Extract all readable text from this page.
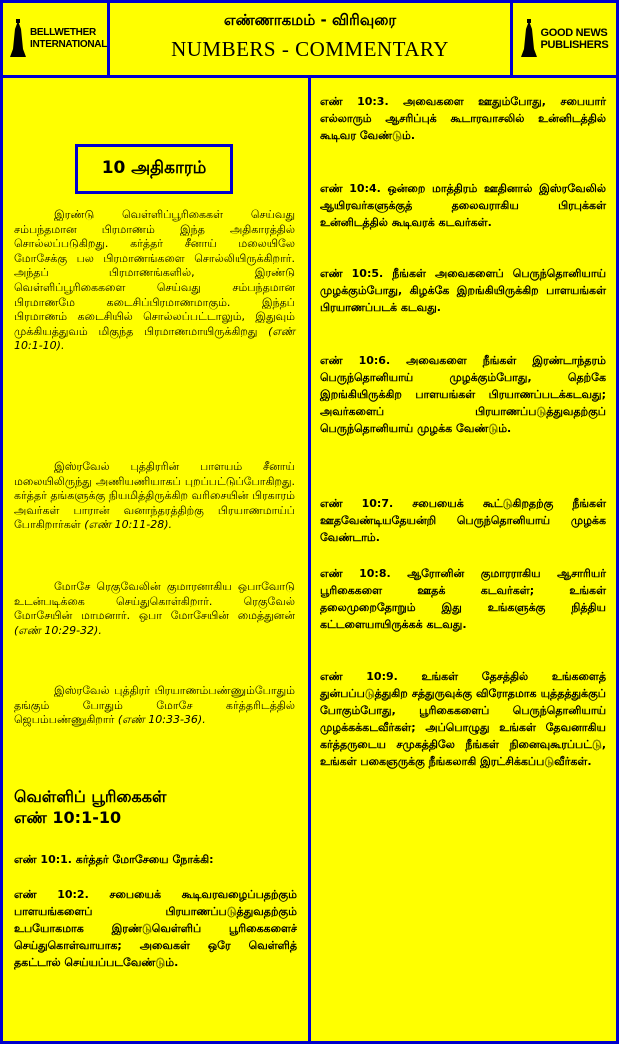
BELLWETHER INTERNATIONAL
எண்ணாகமம் - விரிவுரை
NUMBERS - COMMENTARY
GOOD NEWS PUBLISHERS
10 அதிகாரம்

இரண்டு வெள்ளிப்பூரிகைகள் செய்வது சம்பந்தமான பிரமாணம் இந்த அதிகாரத்தில் சொல்லப்படுகிறது. கர்த்தர் சீனாய் மலையிலே மோசேக்கு பல பிரமாணங்களை சொல்லியிருக்கிறார். அந்தப் பிரமாணங்களில், இரண்டு வெள்ளிப்பூரிகைகளை செய்வது சம்பந்தமான பிரமாணமே கடைசிப்பிரமாணமாகும். இந்தப் பிரமாணம் கடைசியில் சொல்லப்பட்டாலும், இதுவும் முக்கியத்துவம் மிகுந்த பிரமாணமாயிருக்கிறது (எண் 10:1-10).

இஸ்ரவேல் புத்திரரின் பாளயம் சீனாய் மலையிலிருந்து அணியணியாகப் புறப்பட்டுப்போகிறது. கர்த்தர் தங்களுக்கு நியமித்திருக்கிற வரிசையின் பிரகாரம் அவர்கள் பாரான் வனாந்தரத்திற்கு பிரயாணமாய்ப் போகிறார்கள் (எண் 10:11-28).

மோசே ரெகுவேலின் குமாரனாகிய ஒபாவோடு உடன்படிக்கை செய்துகொள்கிறார். ரெகுவேல் மோசேயின் மாமனார். ஒபா மோசேயின் மைத்துனன் (எண் 10:29-32).

இஸ்ரவேல் புத்திரர் பிரயாணம்பண்ணும்போதும் தங்கும் போதும் மோசே கர்த்தரிடத்தில் ஜெபம்பண்ணுகிறார் (எண் 10:33-36).

வெள்ளிப் பூரிகைகள்
எண் 10:1-10

எண் 10:1. கர்த்தர் மோசேயை நோக்கி:

எண் 10:2. சபையைக் கூடிவரவழைப்பதற்கும் பாளயங்களைப் பிரயாணப்படுத்துவதற்கும் உபயோகமாக இரண்டுவெள்ளிப் பூரிகைகளைச் செய்துகொள்வாயாக; அவைகள் ஒரே வெள்ளித் தகட்டால் செய்யப்படவேண்டும்.

எண் 10:3. அவைகளை ஊதும்போது, சபையார் எல்லாரும் ஆசரிப்புக் கூடாரவாசலில் உன்னிடத்தில் கூடிவர வேண்டும்.

எண் 10:4. ஒன்றை மாத்திரம் ஊதினால் இஸ்ரவேலில் ஆயிரவர்களுக்குத் தலைவராகிய பிரபுக்கள் உன்னிடத்தில் கூடிவரக் கடவர்கள்.

எண் 10:5. நீங்கள் அவைகளைப் பெருந்தொனியாய் முழக்கும்போது, கிழக்கே இறங்கியிருக்கிற பாளயங்கள் பிரயாணப்படக் கடவது.

எண் 10:6. அவைகளை நீங்கள் இரண்டாந்தரம் பெருந்தொனியாய் முழக்கும்போது, தெற்கே இறங்கியிருக்கிற பாளயங்கள் பிரயாணப்படக்கடவது; அவர்களைப் பிரயாணப்படுத்துவதற்குப் பெருந்தொனியாய் முழக்க வேண்டும்.

எண் 10:7. சபையைக் கூட்டுகிறதற்கு நீங்கள் ஊதவேண்டியதேயன்றி பெருந்தொனியாய் முழக்க வேண்டாம்.

எண் 10:8. ஆரோனின் குமாரராகிய ஆசாரியர் பூரிகைகளை ஊதக் கடவர்கள்; உங்கள் தலைமுறைதோறும் இது உங்களுக்கு நித்திய கட்டளையாயிருக்கக் கடவது.

எண் 10:9. உங்கள் தேசத்தில் உங்களைத் துன்பப்படுத்துகிற சத்துருவுக்கு விரோதமாக யுத்தத்துக்குப் போகும்போது, பூரிகைகளைப் பெருந்தொனியாய் முழக்கக்கடவீர்கள்; அப்பொழுது உங்கள் தேவனாகிய கர்த்தருடைய சமுகத்திலே நீங்கள் நினைவுகூரப்பட்டு, உங்கள் பகைஞருக்கு நீங்கலாகி இரட்சிக்கப்படுவீர்கள்.
